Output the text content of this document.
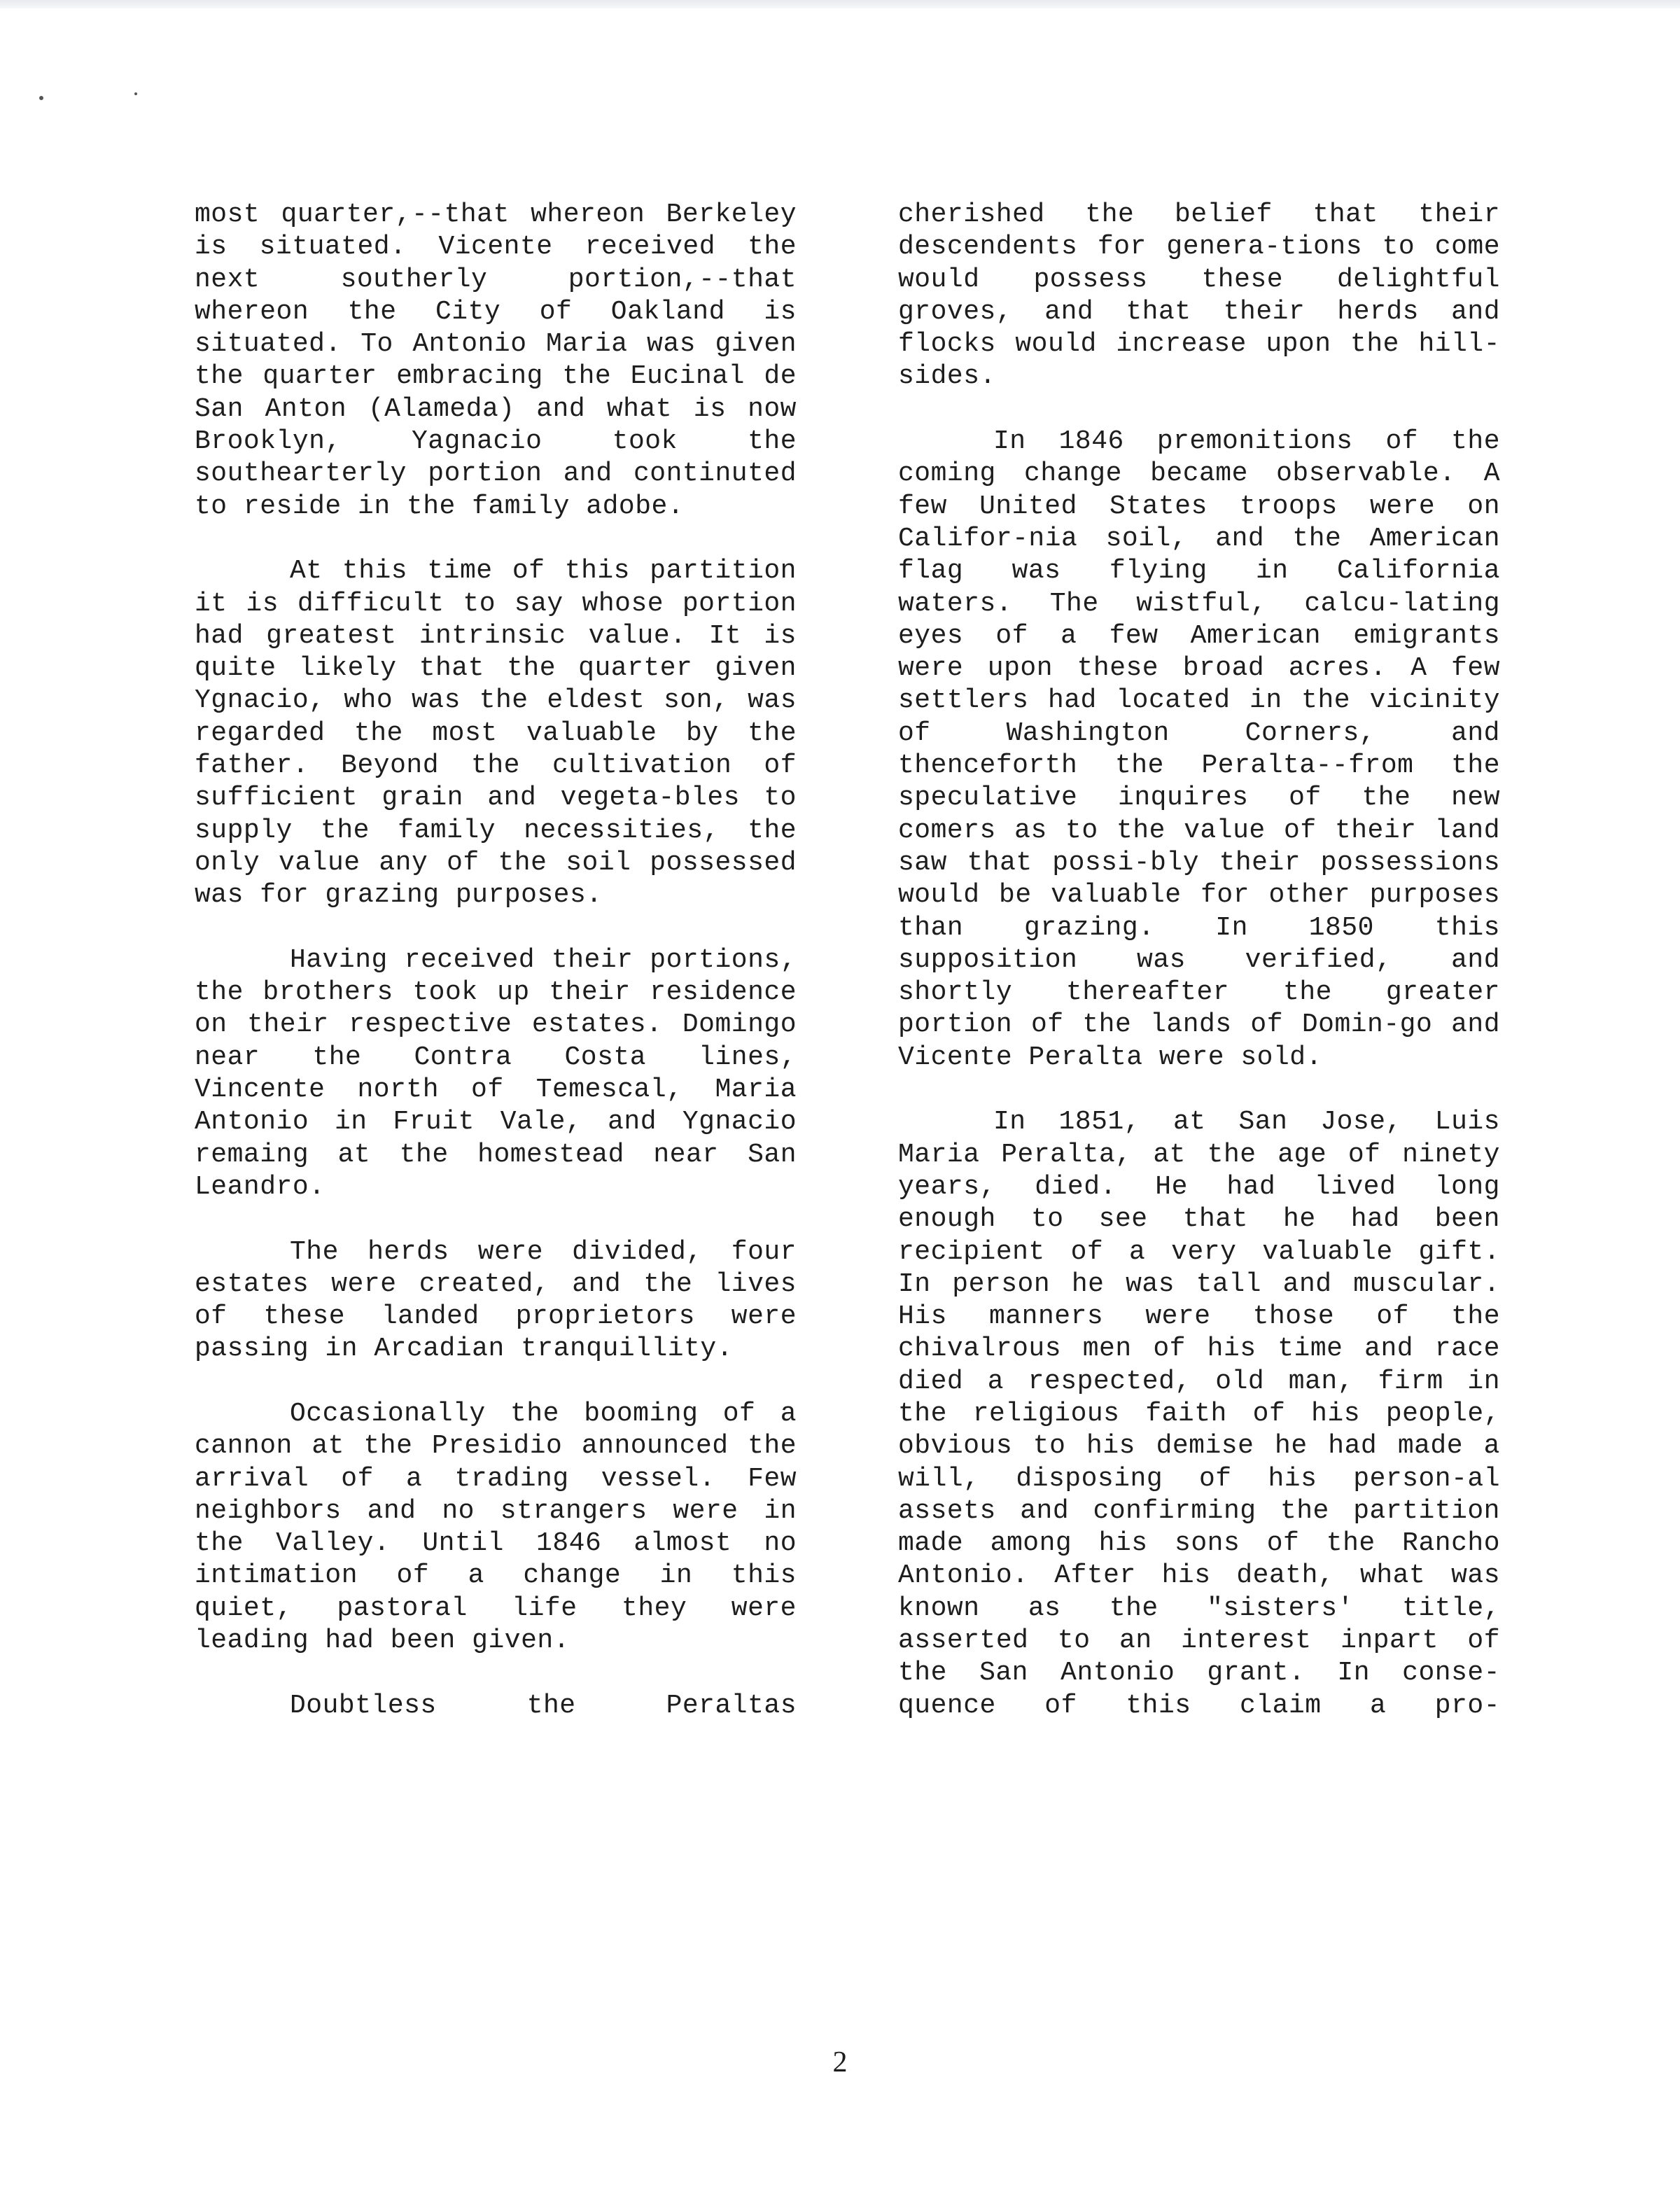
most quarter,--that whereon Berkeley is situated. Vicente received the next southerly portion,--that whereon the City of Oakland is situated. To Antonio Maria was given the quarter embracing the Eucinal de San Anton (Alameda) and what is now Brooklyn, Yagnacio took the southearterly portion and continuted to reside in the family adobe.

At this time of this partition it is difficult to say whose portion had greatest intrinsic value. It is quite likely that the quarter given Ygnacio, who was the eldest son, was regarded the most valuable by the father. Beyond the cultivation of sufficient grain and vegeta-bles to supply the family necessities, the only value any of the soil possessed was for grazing purposes.

Having received their portions, the brothers took up their residence on their respective estates. Domingo near the Contra Costa lines, Vincente north of Temescal, Maria Antonio in Fruit Vale, and Ygnacio remaing at the homestead near San Leandro.

The herds were divided, four estates were created, and the lives of these landed proprietors were passing in Arcadian tranquillity.

Occasionally the booming of a cannon at the Presidio announced the arrival of a trading vessel. Few neighbors and no strangers were in the Valley. Until 1846 almost no intimation of a change in this quiet, pastoral life they were leading had been given.

Doubtless the Peraltas

cherished the belief that their descendents for genera-tions to come would possess these delightful groves, and that their herds and flocks would increase upon the hill-sides.

In 1846 premonitions of the coming change became observable. A few United States troops were on Califor-nia soil, and the American flag was flying in California waters. The wistful, calcu-lating eyes of a few American emigrants were upon these broad acres. A few settlers had located in the vicinity of Washington Corners, and thenceforth the Peralta--from the speculative inquires of the new comers as to the value of their land saw that possi-bly their possessions would be valuable for other purposes than grazing. In 1850 this supposition was verified, and shortly thereafter the greater portion of the lands of Domin-go and Vicente Peralta were sold.

In 1851, at San Jose, Luis Maria Peralta, at the age of ninety years, died. He had lived long enough to see that he had been recipient of a very valuable gift. In person he was tall and muscular. His manners were those of the chivalrous men of his time and race died a respected, old man, firm in the religious faith of his people, obvious to his demise he had made a will, disposing of his person-al assets and confirming the partition made among his sons of the Rancho Antonio. After his death, what was known as the "sisters' title, asserted to an interest inpart of the San Antonio grant. In conse-quence of this claim a pro-

2
